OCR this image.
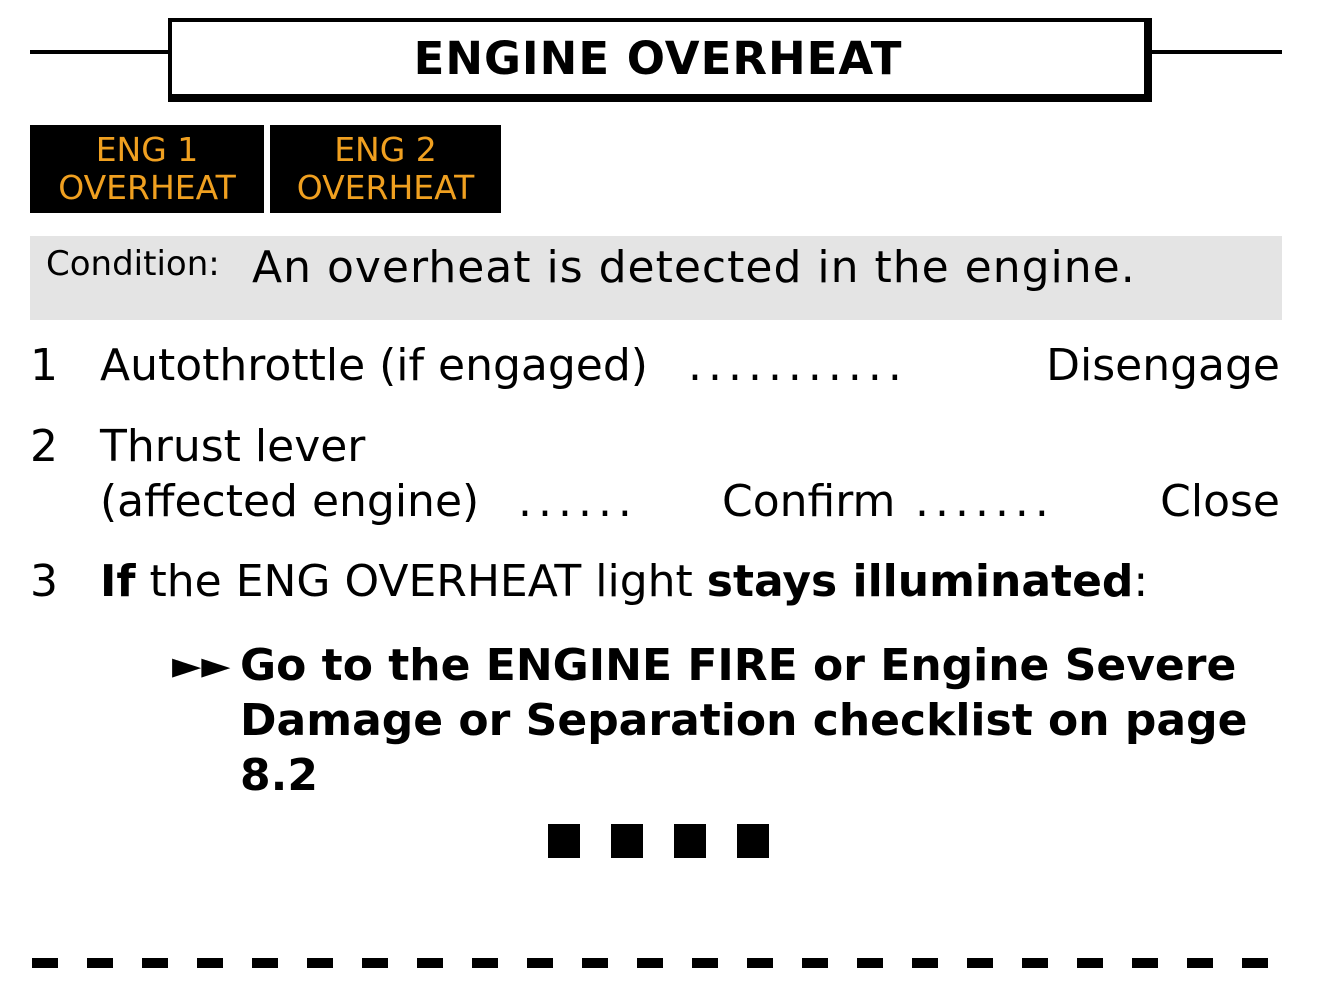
ENGINE OVERHEAT
ENG 1
OVERHEAT
ENG 2
OVERHEAT
Condition: An overheat is detected in the engine.
1 Autothrottle (if engaged) ...........	Disengage
2 Thrust lever
(affected engine) ...... Confirm ....... Close
3 If the ENG OVERHEAT light stays illuminated:
►► Go to the ENGINE FIRE or Engine Severe Damage or Separation checklist on page 8.2
